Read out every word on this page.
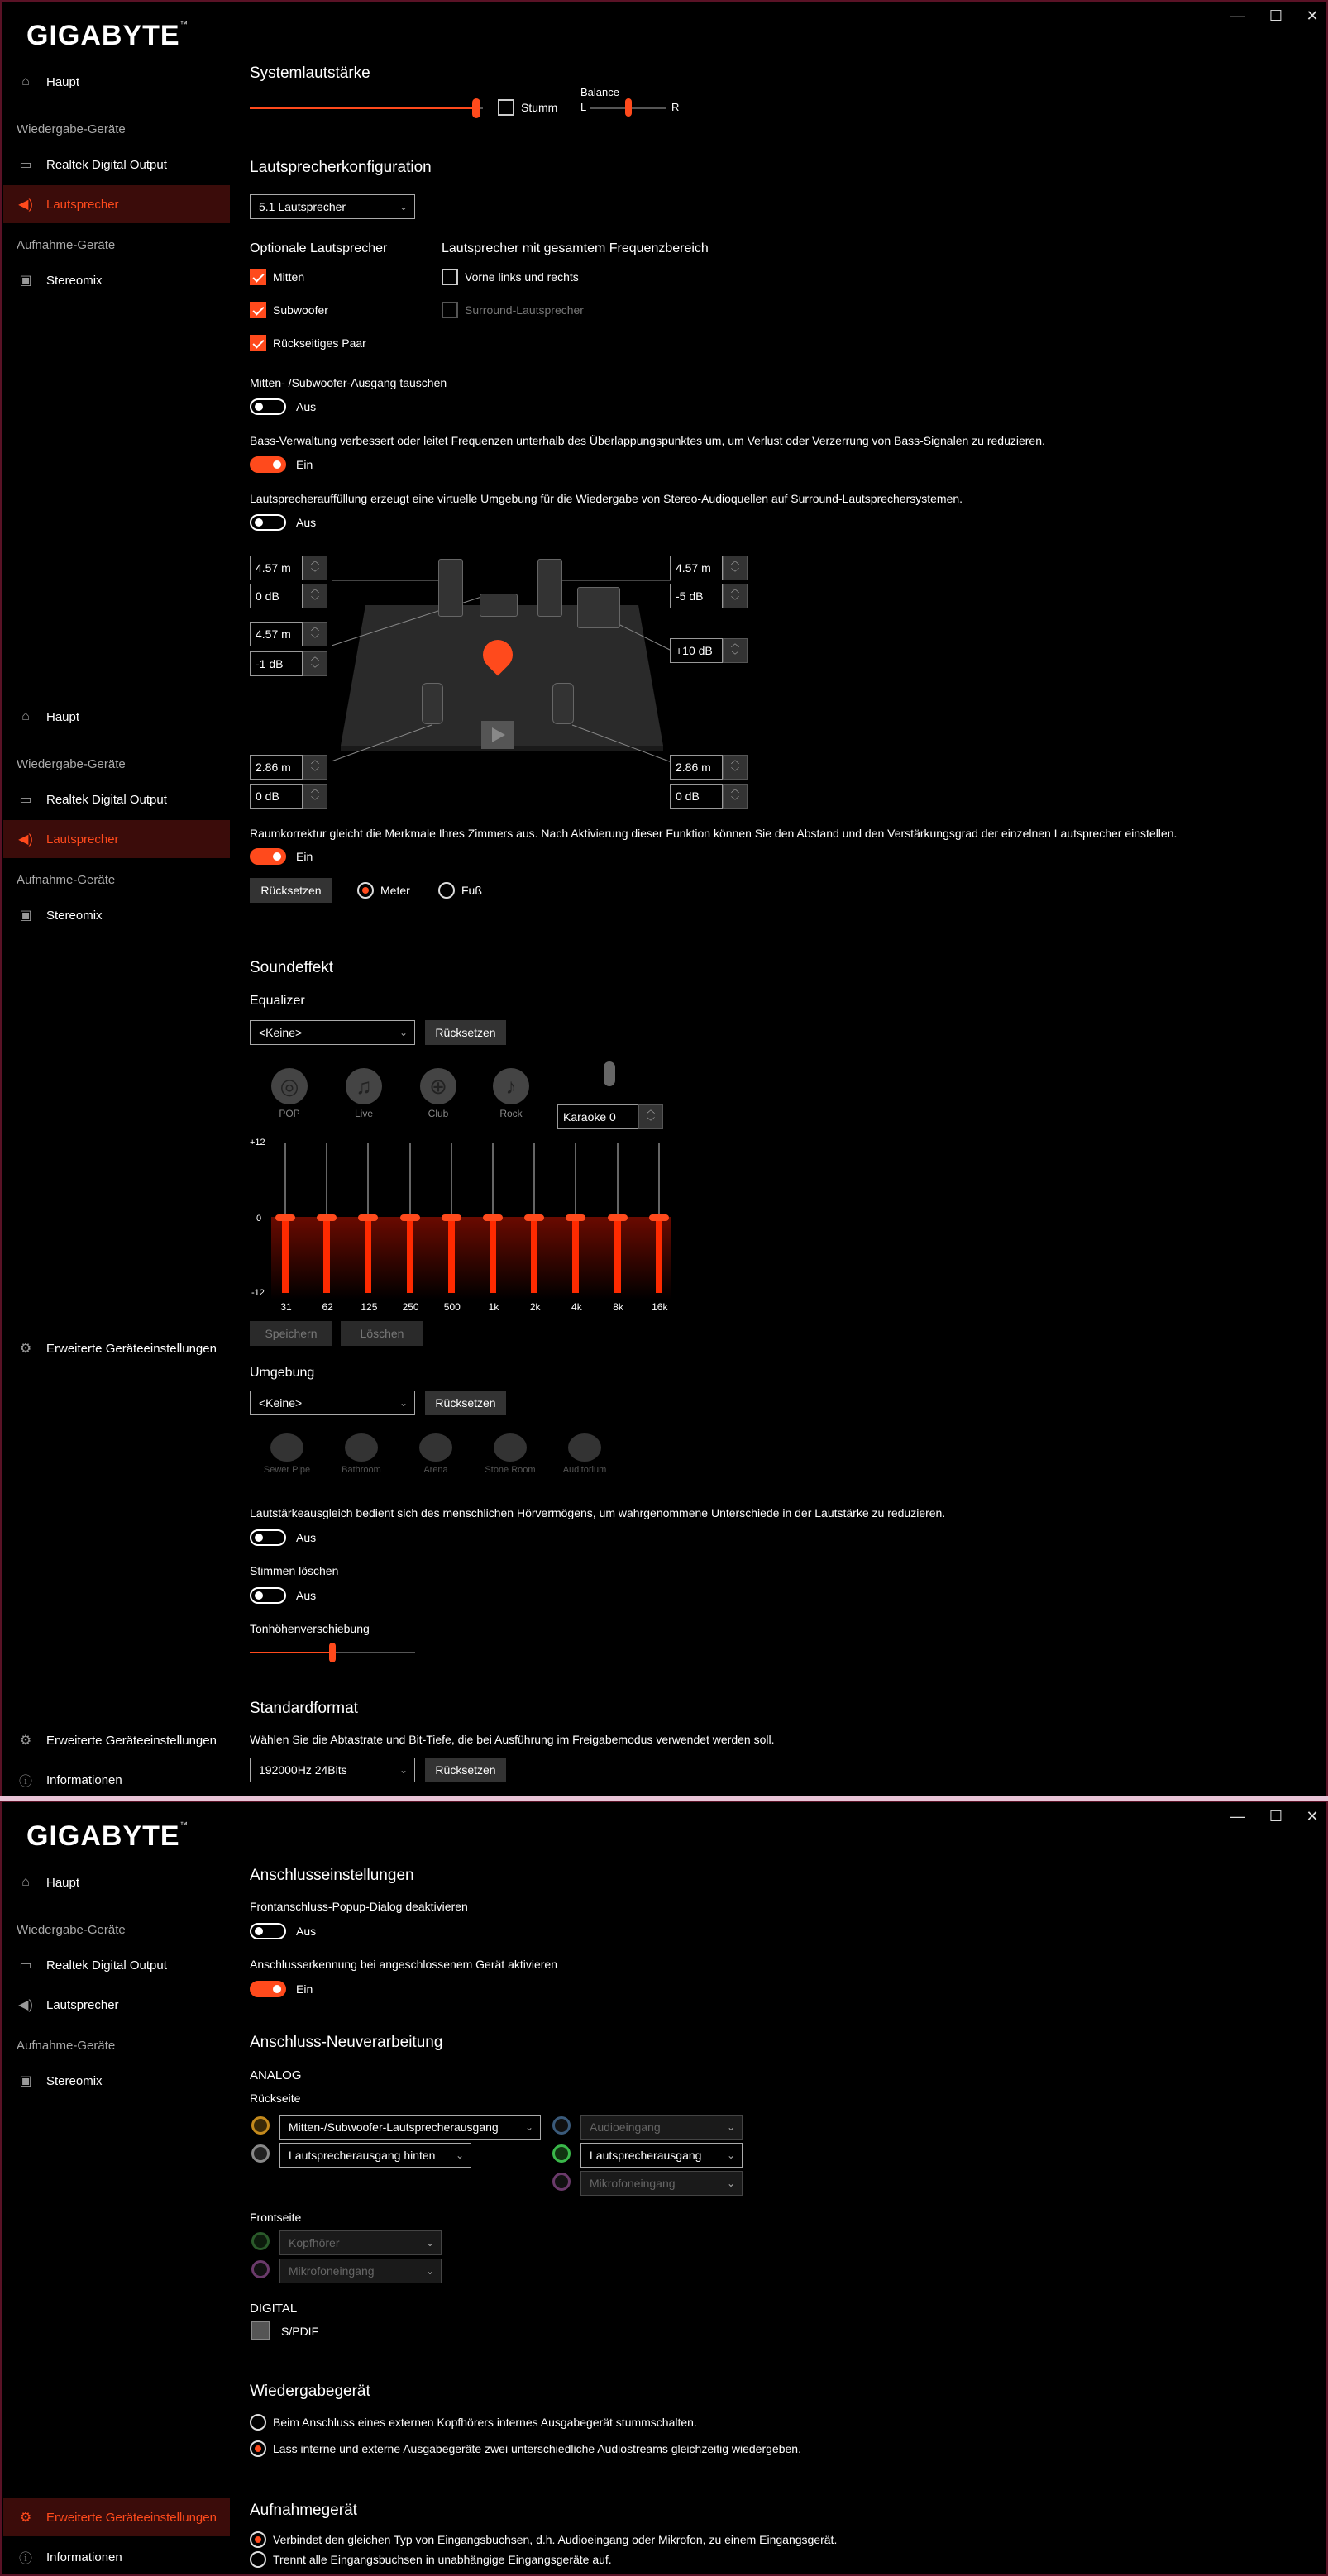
GIGABYTE™	—	☐	✕
⌂	Haupt
Wiedergabe-Geräte
▭ Realtek Digital Output
◀) Lautsprecher
Aufnahme-Geräte
▣ Stereomix
⌂	Haupt
Wiedergabe-Geräte
▭ Realtek Digital Output
◀) Lautsprecher
Aufnahme-Geräte
▣ Stereomix
⚙ Erweiterte Geräteeinstellungen
⚙ Erweiterte Geräteeinstellungen
ⓘ Informationen
Systemlautstärke
Stumm
Balance
L	R
Lautsprecherkonfiguration
5.1 Lautsprecher	⌄
Optionale Lautsprecher	Lautsprecher mit gesamtem Frequenzbereich
Mitten
Subwoofer
Rückseitiges Paar
Vorne links und rechts
Surround-Lautsprecher
Mitten- /Subwoofer-Ausgang tauschen
Aus
Bass-Verwaltung verbessert oder leitet Frequenzen unterhalb des Überlappungspunktes um, um Verlust oder Verzerrung von Bass-Signalen zu reduzieren.
Ein
Lautsprecherauffüllung erzeugt eine virtuelle Umgebung für die Wiedergabe von Stereo-Audioquellen auf Surround-Lautsprechersystemen.
Aus
4.57 m	︿
﹀
0 dB	︿
﹀
4.57 m	︿
﹀
-1 dB	︿
﹀
2.86 m	︿
﹀
0 dB	︿
﹀
4.57 m	︿
﹀
-5 dB	︿
﹀
+10 dB	︿
﹀
2.86 m	︿
﹀
0 dB	︿
﹀
Raumkorrektur gleicht die Merkmale Ihres Zimmers aus. Nach Aktivierung dieser Funktion können Sie den Abstand und den Verstärkungsgrad der einzelnen Lautsprecher einstellen.
Ein
Rücksetzen	Meter	Fuß
Soundeffekt
Equalizer
<Keine>	⌄	Rücksetzen
◎
POP
♫
Live
⊕
Club
♪
Rock	Karaoke 0	︿
﹀
+12
0
-12
31	62	125	250	500	1k	2k	4k	8k	16k
Speichern	Löschen
Umgebung
<Keine>	⌄	Rücksetzen
Sewer Pipe	Bathroom	Arena	Stone Room	Auditorium
Lautstärkeausgleich bedient sich des menschlichen Hörvermögens, um wahrgenommene Unterschiede in der Lautstärke zu reduzieren.
Aus
Stimmen löschen
Aus
Tonhöhenverschiebung
Standardformat
Wählen Sie die Abtastrate und Bit-Tiefe, die bei Ausführung im Freigabemodus verwendet werden soll.
192000Hz 24Bits	⌄	Rücksetzen
GIGABYTE™	—	☐	✕
⌂	Haupt
Wiedergabe-Geräte
▭ Realtek Digital Output
◀) Lautsprecher
Aufnahme-Geräte
▣ Stereomix
⚙ Erweiterte Geräteeinstellungen
ⓘ Informationen
Anschlusseinstellungen
Frontanschluss-Popup-Dialog deaktivieren
Aus
Anschlusserkennung bei angeschlossenem Gerät aktivieren
Ein
Anschluss-Neuverarbeitung
ANALOG
Rückseite
Mitten-/Subwoofer-Lautsprecherausgang	⌄
Lautsprecherausgang hinten ⌄
Audioeingang	⌄
Lautsprecherausgang	⌄
Mikrofoneingang	⌄
Frontseite
Kopfhörer	⌄
Mikrofoneingang	⌄
DIGITAL
S/PDIF
Wiedergabegerät
Beim Anschluss eines externen Kopfhörers internes Ausgabegerät stummschalten.
Lass interne und externe Ausgabegeräte zwei unterschiedliche Audiostreams gleichzeitig wiedergeben.
Aufnahmegerät
Verbindet den gleichen Typ von Eingangsbuchsen, d.h. Audioeingang oder Mikrofon, zu einem Eingangsgerät.
Trennt alle Eingangsbuchsen in unabhängige Eingangsgeräte auf.
